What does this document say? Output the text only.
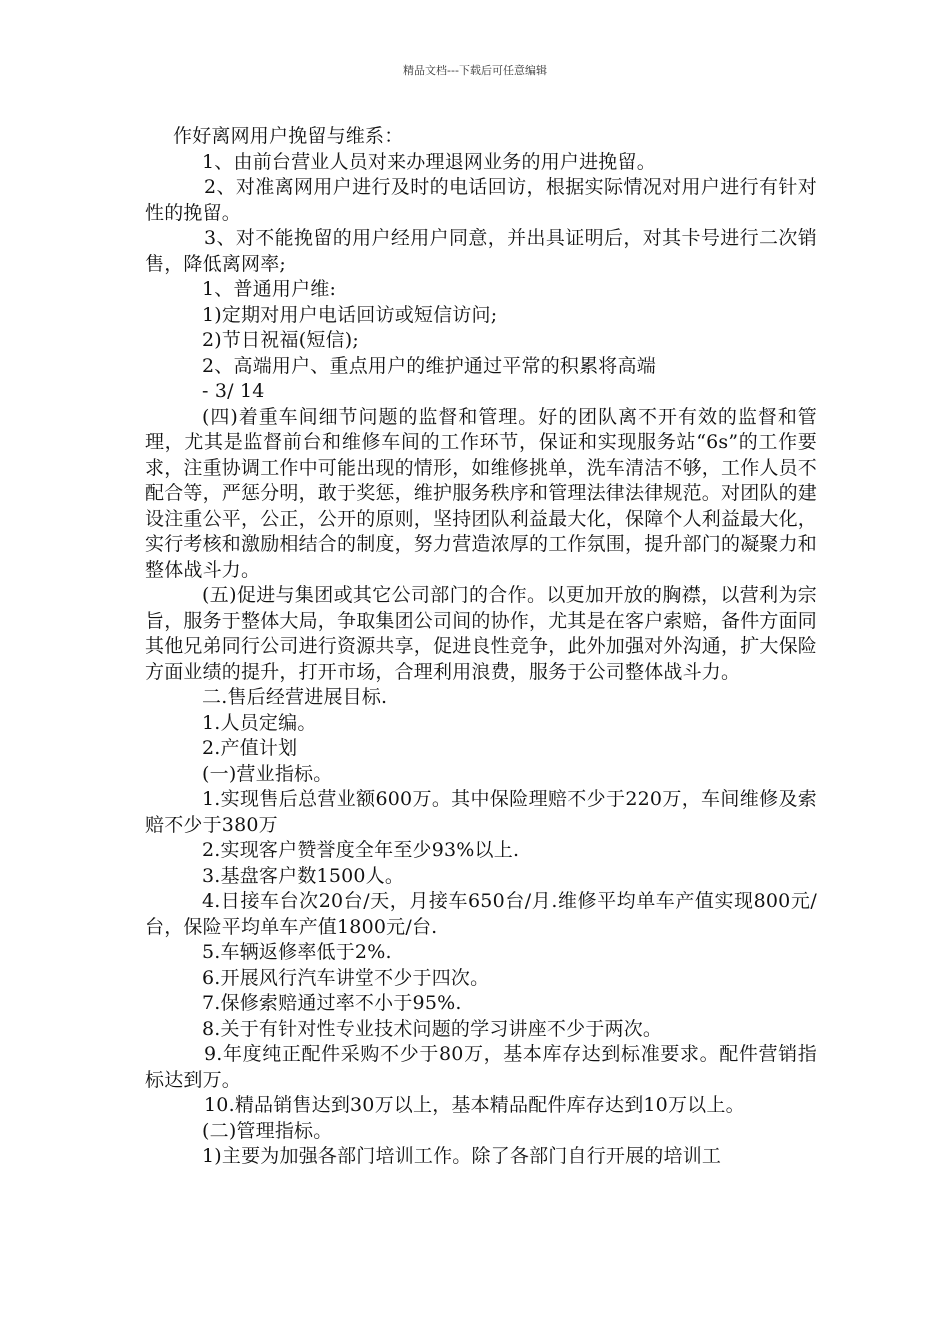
精品文档---下载后可任意编辑

作好离网用户挽留与维系：

1、由前台营业人员对来办理退网业务的用户进挽留。

2、对准离网用户进行及时的电话回访，根据实际情况对用户进行有针对性的挽留。

3、对不能挽留的用户经用户同意，并出具证明后，对其卡号进行二次销售，降低离网率;

1、普通用户维:

1)定期对用户电话回访或短信访问;

2)节日祝福(短信);

2、高端用户、重点用户的维护通过平常的积累将高端

- 3/ 14

(四)着重车间细节问题的监督和管理。好的团队离不开有效的监督和管理，尤其是监督前台和维修车间的工作环节，保证和实现服务站“6s”的工作要求，注重协调工作中可能出现的情形，如维修挑单，洗车清洁不够，工作人员不配合等，严惩分明，敢于奖惩，维护服务秩序和管理法律法律规范。对团队的建设注重公平，公正，公开的原则，坚持团队利益最大化，保障个人利益最大化，实行考核和激励相结合的制度，努力营造浓厚的工作氛围，提升部门的凝聚力和整体战斗力。

(五)促进与集团或其它公司部门的合作。以更加开放的胸襟，以营利为宗旨，服务于整体大局，争取集团公司间的协作，尤其是在客户索赔，备件方面同其他兄弟同行公司进行资源共享，促进良性竞争，此外加强对外沟通，扩大保险方面业绩的提升，打开市场，合理利用浪费，服务于公司整体战斗力。

二.售后经营进展目标.

1.人员定编。

2.产值计划

(一)营业指标。

1.实现售后总营业额600万。其中保险理赔不少于220万，车间维修及索赔不少于380万

2.实现客户赞誉度全年至少93%以上.

3.基盘客户数1500人。

4.日接车台次20台/天，月接车650台/月.维修平均单车产值实现800元/台，保险平均单车产值1800元/台.

5.车辆返修率低于2%.

6.开展风行汽车讲堂不少于四次。

7.保修索赔通过率不小于95%.

8.关于有针对性专业技术问题的学习讲座不少于两次。

9.年度纯正配件采购不少于80万，基本库存达到标准要求。配件营销指标达到万。

10.精品销售达到30万以上，基本精品配件库存达到10万以上。

(二)管理指标。

1)主要为加强各部门培训工作。除了各部门自行开展的培训工
